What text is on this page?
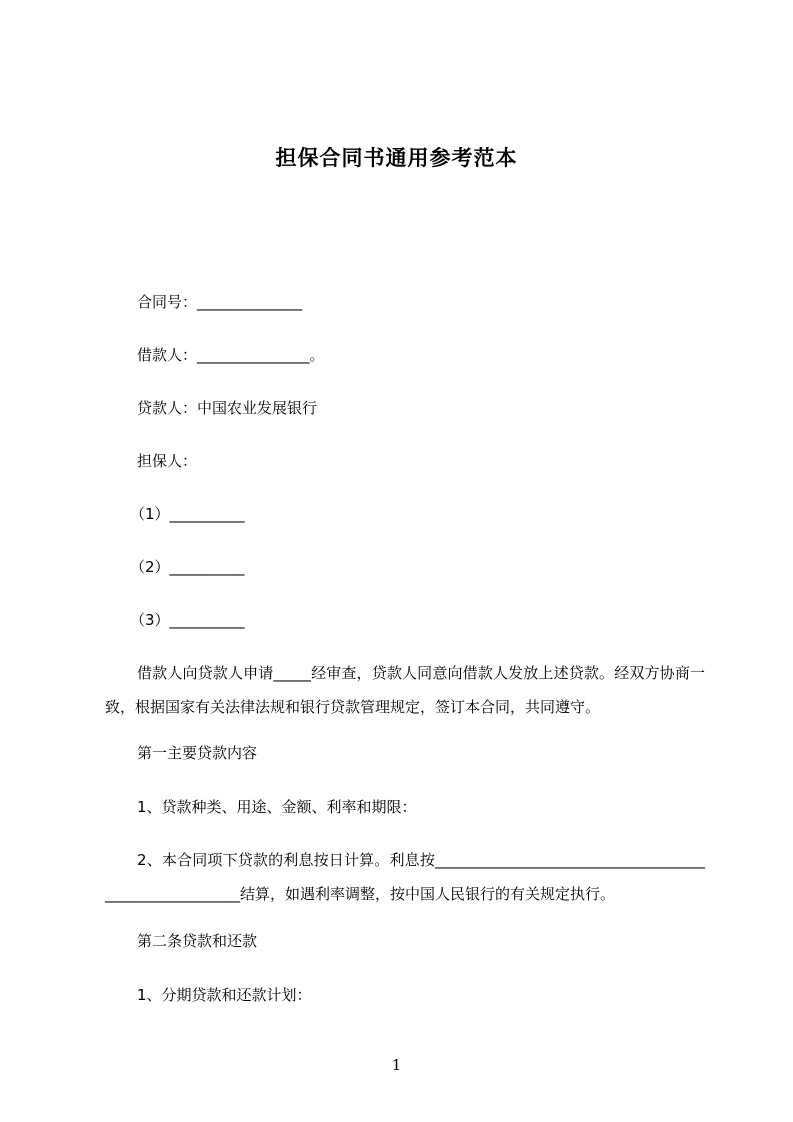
担保合同书通用参考范本
合同号：______________
借款人：_______________。
贷款人：中国农业发展银行
担保人：
（1）__________
（2）__________
（3）__________
借款人向贷款人申请_____经审查，贷款人同意向借款人发放上述贷款。经双方协商一致，根据国家有关法律法规和银行贷款管理规定，签订本合同，共同遵守。
第一主要贷款内容
1、贷款种类、用途、金额、利率和期限：
2、本合同项下贷款的利息按日计算。利息按______________________________________________________结算，如遇利率调整，按中国人民银行的有关规定执行。
第二条贷款和还款
1、分期贷款和还款计划：
1
